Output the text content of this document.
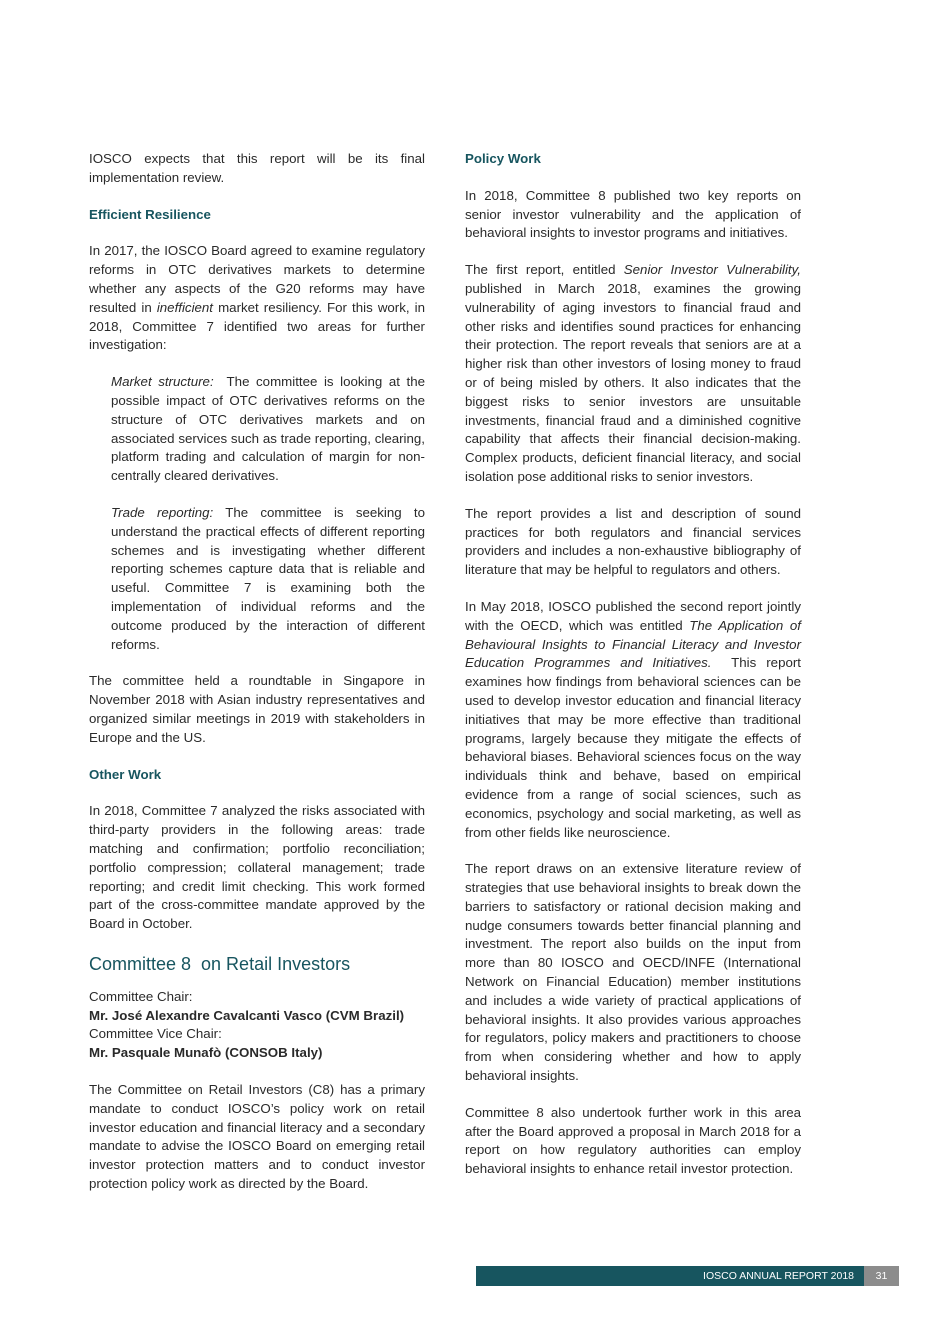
IOSCO expects that this report will be its final implementation review.

Efficient Resilience

In 2017, the IOSCO Board agreed to examine regulatory reforms in OTC derivatives markets to determine whether any aspects of the G20 reforms may have resulted in inefficient market resiliency. For this work, in 2018, Committee 7 identified two areas for further investigation:

Market structure:  The committee is looking at the possible impact of OTC derivatives reforms on the structure of OTC derivatives markets and on associated services such as trade reporting, clearing, platform trading and calculation of margin for non-centrally cleared derivatives.

Trade reporting: The committee is seeking to understand the practical effects of different reporting schemes and is investigating whether different reporting schemes capture data that is reliable and useful. Committee 7 is examining both the implementation of individual reforms and the outcome produced by the interaction of different reforms.

The committee held a roundtable in Singapore in November 2018 with Asian industry representatives and organized similar meetings in 2019 with stakeholders in Europe and the US.

Other Work

In 2018, Committee 7 analyzed the risks associated with third-party providers in the following areas: trade matching and confirmation; portfolio reconciliation; portfolio compression; collateral management; trade reporting; and credit limit checking. This work formed part of the cross-committee mandate approved by the Board in October.

Committee 8  on Retail Investors
Committee Chair:
Mr. José Alexandre Cavalcanti Vasco (CVM Brazil)
Committee Vice Chair:
Mr. Pasquale Munafò (CONSOB Italy)

The Committee on Retail Investors (C8) has a primary mandate to conduct IOSCO’s policy work on retail investor education and financial literacy and a secondary mandate to advise the IOSCO Board on emerging retail investor protection matters and to conduct investor protection policy work as directed by the Board.

Policy Work

In 2018, Committee 8 published two key reports on senior investor vulnerability and the application of behavioral insights to investor programs and initiatives.

The first report, entitled Senior Investor Vulnerability, published in March 2018, examines the growing vulnerability of aging investors to financial fraud and other risks and identifies sound practices for enhancing their protection. The report reveals that seniors are at a higher risk than other investors of losing money to fraud or of being misled by others. It also indicates that the biggest risks to senior investors are unsuitable investments, financial fraud and a diminished cognitive capability that affects their financial decision-making. Complex products, deficient financial literacy, and social isolation pose additional risks to senior investors.

The report provides a list and description of sound practices for both regulators and financial services providers and includes a non-exhaustive bibliography of literature that may be helpful to regulators and others.

In May 2018, IOSCO published the second report jointly with the OECD, which was entitled The Application of Behavioural Insights to Financial Literacy and Investor Education Programmes and Initiatives.  This report examines how findings from behavioral sciences can be used to develop investor education and financial literacy initiatives that may be more effective than traditional programs, largely because they mitigate the effects of behavioral biases. Behavioral sciences focus on the way individuals think and behave, based on empirical evidence from a range of social sciences, such as economics, psychology and social marketing, as well as from other fields like neuroscience.

The report draws on an extensive literature review of strategies that use behavioral insights to break down the barriers to satisfactory or rational decision making and nudge consumers towards better financial planning and investment. The report also builds on the input from more than 80 IOSCO and OECD/INFE (International Network on Financial Education) member institutions and includes a wide variety of practical applications of behavioral insights. It also provides various approaches for regulators, policy makers and practitioners to choose from when considering whether and how to apply behavioral insights.

Committee 8 also undertook further work in this area after the Board approved a proposal in March 2018 for a report on how regulatory authorities can employ behavioral insights to enhance retail investor protection.

IOSCO ANNUAL REPORT 2018	31
